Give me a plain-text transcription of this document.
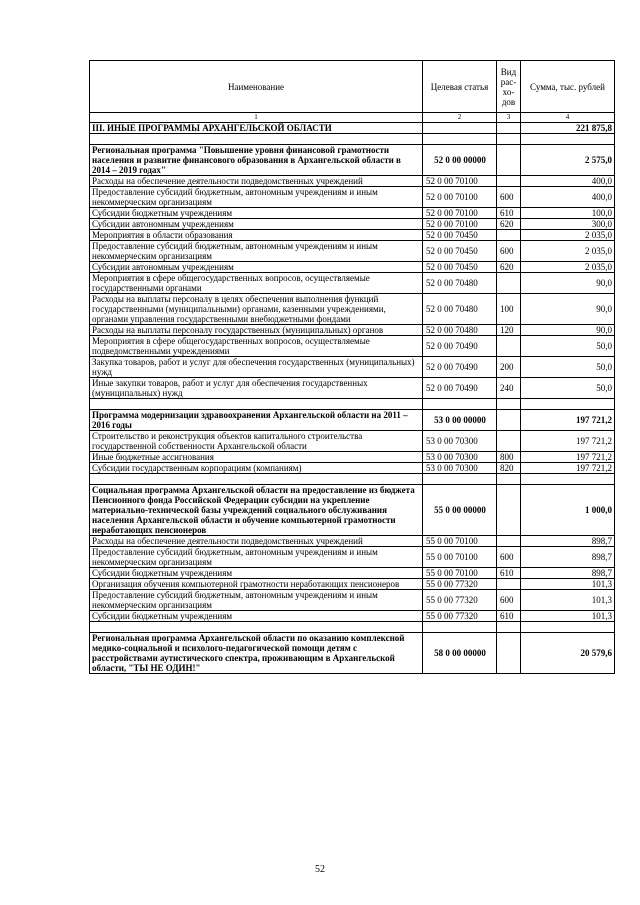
Наименование	Целевая статья	Вид рас-хо-дов	Сумма, тыс. рублей
1	2	3	4
III. ИНЫЕ ПРОГРАММЫ АРХАНГЕЛЬСКОЙ ОБЛАСТИ			221 875,8

Региональная программа "Повышение уровня финансовой грамотности населения и развитие финансового образования в Архангельской области в 2014 – 2019 годах"	52 0 00 00000		2 575,0
Расходы на обеспечение деятельности подведомственных учреждений	52 0 00 70100		400,0
Предоставление субсидий бюджетным, автономным учреждениям и иным некоммерческим организациям	52 0 00 70100	600	400,0
Субсидии бюджетным учреждениям	52 0 00 70100	610	100,0
Субсидии автономным учреждениям	52 0 00 70100	620	300,0
Мероприятия в области образования	52 0 00 70450		2 035,0
Предоставление субсидий бюджетным, автономным учреждениям и иным некоммерческим организациям	52 0 00 70450	600	2 035,0
Субсидии автономным учреждениям	52 0 00 70450	620	2 035,0
Мероприятия в сфере общегосударственных вопросов, осуществляемые государственными органами	52 0 00 70480		90,0
Расходы на выплаты персоналу в целях обеспечения выполнения функций государственными (муниципальными) органами, казенными учреждениями, органами управления государственными внебюджетными фондами	52 0 00 70480	100	90,0
Расходы на выплаты персоналу государственных (муниципальных) органов	52 0 00 70480	120	90,0
Мероприятия в сфере общегосударственных вопросов, осуществляемые подведомственными учреждениями	52 0 00 70490		50,0
Закупка товаров, работ и услуг для обеспечения государственных (муниципальных) нужд	52 0 00 70490	200	50,0
Иные закупки товаров, работ и услуг для обеспечения государственных (муниципальных) нужд	52 0 00 70490	240	50,0

Программа модернизации здравоохранения Архангельской области на 2011 – 2016 годы	53 0 00 00000		197 721,2
Строительство и реконструкция объектов капитального строительства государственной собственности Архангельской области	53 0 00 70300		197 721,2
Иные бюджетные ассигнования	53 0 00 70300	800	197 721,2
Субсидии государственным корпорациям (компаниям)	53 0 00 70300	820	197 721,2

Социальная программа Архангельской области на предоставление из бюджета Пенсионного фонда Российской Федерации субсидии на укрепление материально-технической базы учреждений социального обслуживания населения Архангельской области и обучение компьютерной грамотности неработающих пенсионеров	55 0 00 00000		1 000,0
Расходы на обеспечение деятельности подведомственных учреждений	55 0 00 70100		898,7
Предоставление субсидий бюджетным, автономным учреждениям и иным некоммерческим организациям	55 0 00 70100	600	898,7
Субсидии бюджетным учреждениям	55 0 00 70100	610	898,7
Организация обучения компьютерной грамотности неработающих пенсионеров	55 0 00 77320		101,3
Предоставление субсидий бюджетным, автономным учреждениям и иным некоммерческим организациям	55 0 00 77320	600	101,3
Субсидии бюджетным учреждениям	55 0 00 77320	610	101,3

Региональная программа Архангельской области по оказанию комплексной медико-социальной и психолого-педагогической помощи детям с расстройствами аутистического спектра, проживающим в Архангельской области, "ТЫ НЕ ОДИН!"	58 0 00 00000		20 579,6
52
